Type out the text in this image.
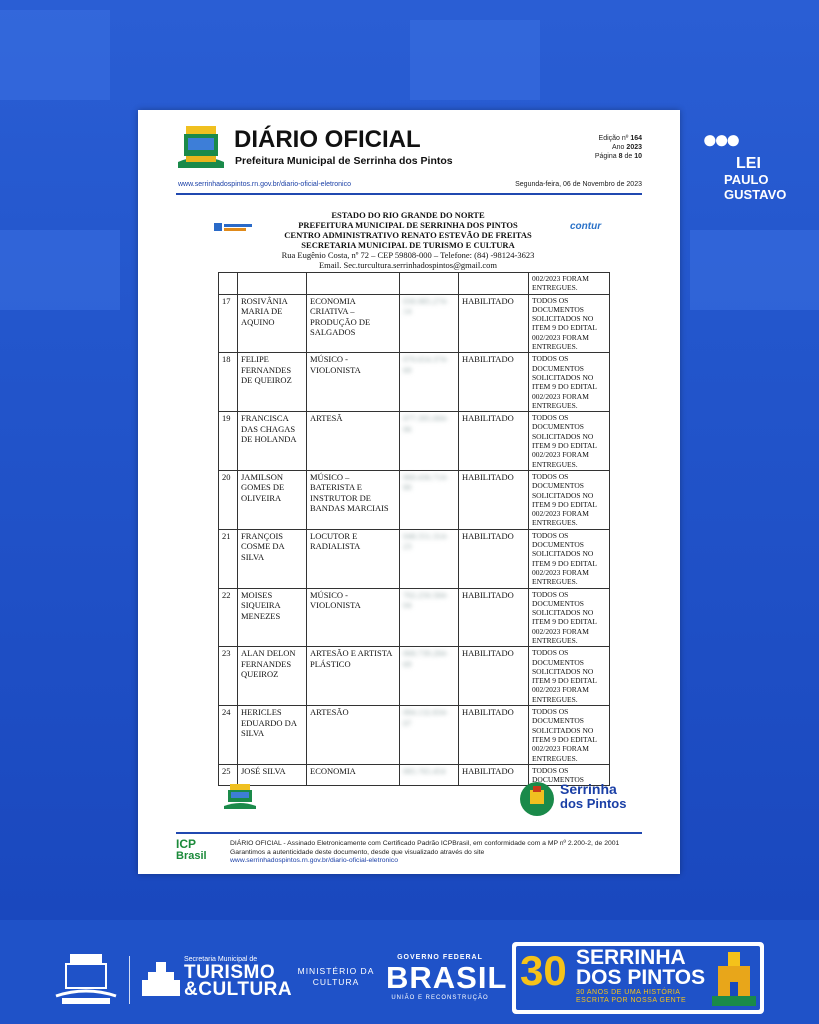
●●●
LEI
PAULO
GUSTAVO
DIÁRIO OFICIAL
Prefeitura Municipal de Serrinha dos Pintos
Edição nº 164
Ano 2023
Página 8 de 10
www.serrinhadospintos.rn.gov.br/diario-oficial-eletronico	Segunda-feira, 06 de Novembro de 2023
contur
ESTADO DO RIO GRANDE DO NORTE
PREFEITURA MUNICIPAL DE SERRINHA DOS PINTOS
CENTRO ADMINISTRATIVO RENATO ESTEVÃO DE FREITAS
SECRETARIA MUNICIPAL DE TURISMO E CULTURA
Rua Eugênio Costa, nº 72 – CEP 59808-000 – Telefone: (84) -98124-3623
Email. Sec.turcultura.serrinhadospintos@gmail.com
					002/2023 FORAM ENTREGUES.
17	ROSIVÂNIA MARIA DE AQUINO	ECONOMIA CRIATIVA – PRODUÇÃO DE SALGADOS	030.985.274-14	HABILITADO	TODOS OS DOCUMENTOS SOLICITADOS NO ITEM 9 DO EDITAL 002/2023 FORAM ENTREGUES.
18	FELIPE FERNANDES DE QUEIROZ	MÚSICO - VIOLONISTA	070.654.374-69	HABILITADO	TODOS OS DOCUMENTOS SOLICITADOS NO ITEM 9 DO EDITAL 002/2023 FORAM ENTREGUES.
19	FRANCISCA DAS CHAGAS DE HOLANDA	ARTESÃ	077.395.084-06	HABILITADO	TODOS OS DOCUMENTOS SOLICITADOS NO ITEM 9 DO EDITAL 002/2023 FORAM ENTREGUES.
20	JAMILSON GOMES DE OLIVEIRA	MÚSICO – BATERISTA E INSTRUTOR DE BANDAS MARCIAIS	060.436.714-80	HABILITADO	TODOS OS DOCUMENTOS SOLICITADOS NO ITEM 9 DO EDITAL 002/2023 FORAM ENTREGUES.
21	FRANÇOIS COSME DA SILVA	LOCUTOR E RADIALISTA	048.551.314-23	HABILITADO	TODOS OS DOCUMENTOS SOLICITADOS NO ITEM 9 DO EDITAL 002/2023 FORAM ENTREGUES.
22	MOISES SIQUEIRA MENEZES	MÚSICO - VIOLONISTA	702.250.584-04	HABILITADO	TODOS OS DOCUMENTOS SOLICITADOS NO ITEM 9 DO EDITAL 002/2023 FORAM ENTREGUES.
23	ALAN DELON FERNANDES QUEIROZ	ARTESÃO E ARTISTA PLÁSTICO	068.739.284-69	HABILITADO	TODOS OS DOCUMENTOS SOLICITADOS NO ITEM 9 DO EDITAL 002/2023 FORAM ENTREGUES.
24	HERICLES EDUARDO DA SILVA	ARTESÃO	084.132.834-07	HABILITADO	TODOS OS DOCUMENTOS SOLICITADOS NO ITEM 9 DO EDITAL 002/2023 FORAM ENTREGUES.
25	JOSÉ SILVA	ECONOMIA	085.765.454	HABILITADO	TODOS OS DOCUMENTOS
Serrinha
dos Pintos
ICP
Brasil
DIÁRIO OFICIAL - Assinado Eletronicamente com Certificado Padrão ICPBrasil, em conformidade com a MP nº 2.200-2, de 2001
Garantimos a autenticidade deste documento, desde que visualizado através do site
www.serrinhadospintos.rn.gov.br/diario-oficial-eletronico
Secretaria Municipal de
TURISMO
&CULTURA
MINISTÉRIO DA
CULTURA
GOVERNO FEDERAL
BRASIL
UNIÃO E RECONSTRUÇÃO
30 SERRINHA
DOS PINTOS
30 ANOS DE UMA HISTÓRIA
ESCRITA POR NOSSA GENTE
